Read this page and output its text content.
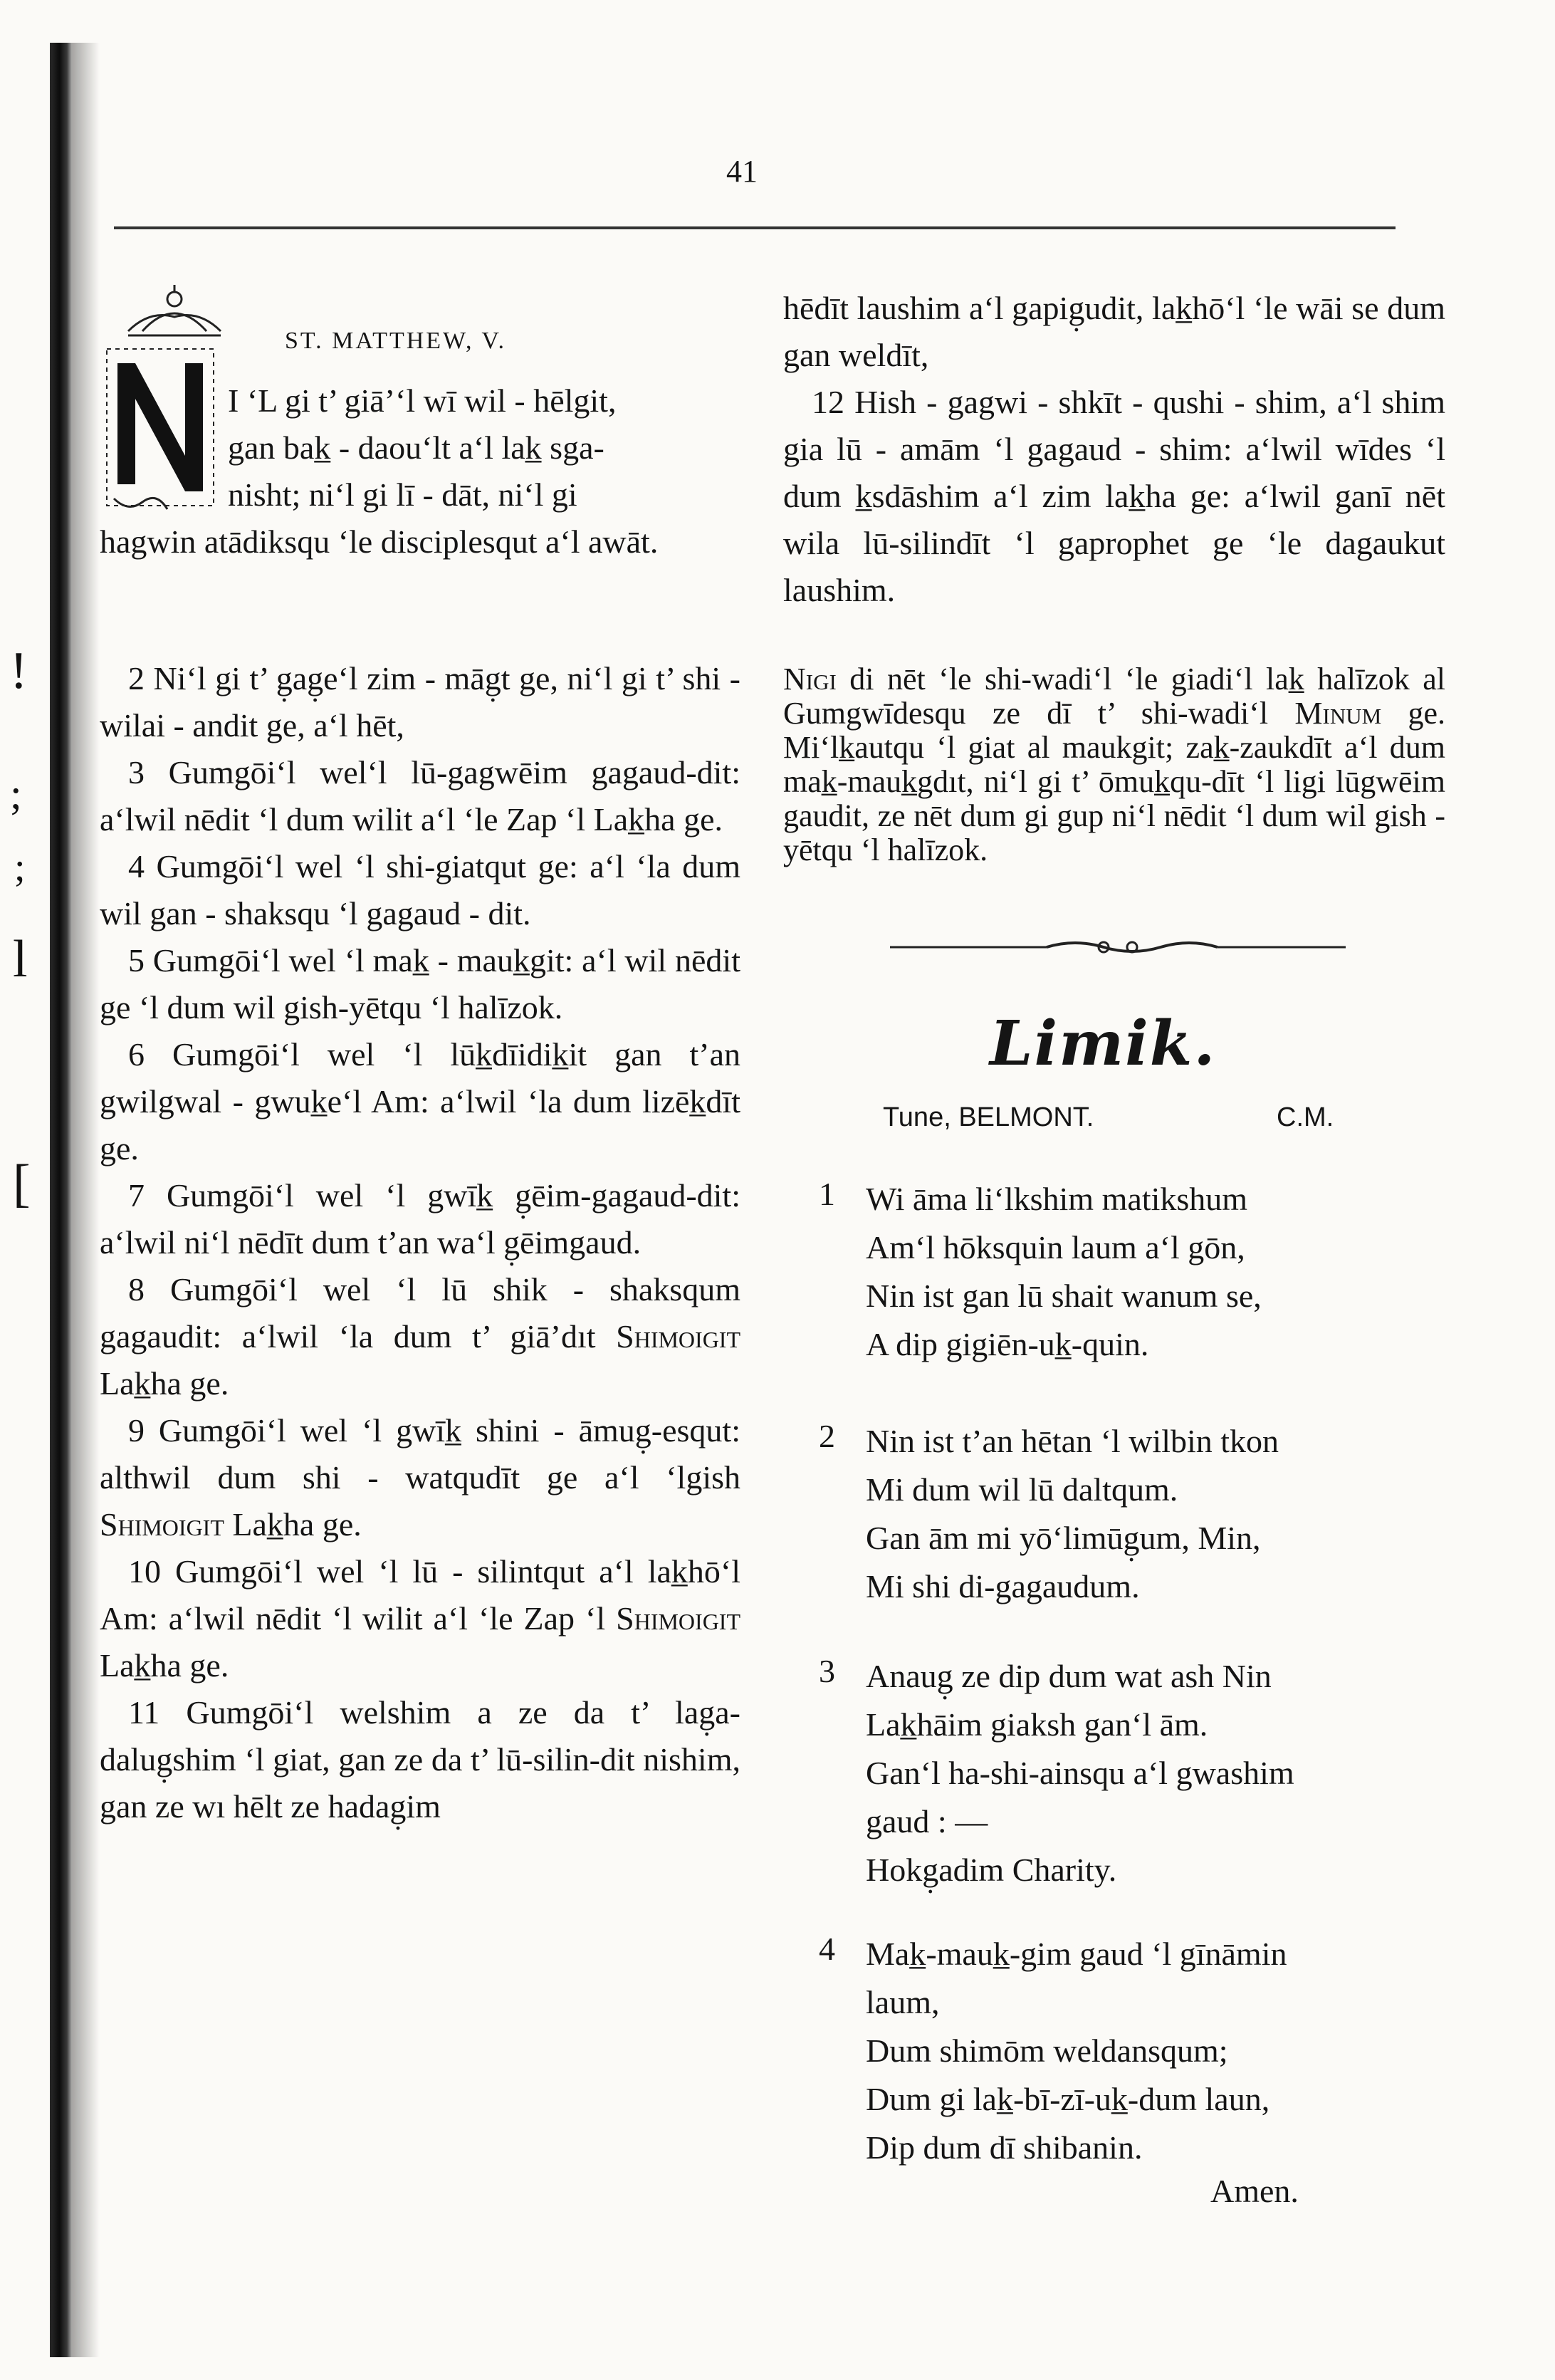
!
;
;
l
[
41
ST. MATTHEW, V.
I ‘L gi t’ giā’‘l wī wil - hēlgit,
gan bak̲ - daou‘lt a‘l lak̲ sga-
nisht; ni‘l gi lī - dāt, ni‘l gi
hagwin atādiksqu ‘le disciplesqut a‘l awāt.

2 Ni‘l gi t’ g̣ag̣e‘l zim - māg̣t ge, ni‘l gi t’ shi - wilai - andit ge, a‘l hēt,

3 Gumgōi‘l wel‘l lū-gagwēim gagaud-dit: a‘lwil nēdit ‘l dum wilit a‘l ‘le Zap ‘l Lak̲ha ge.

4 Gumgōi‘l wel ‘l shi-giatqut ge: a‘l ‘la dum wil gan - shaksqu ‘l gagaud - dit.

5 Gumgōi‘l wel ‘l mak̲ - mauk̲git: a‘l wil nēdit ge ‘l dum wil gish-yētqu ‘l halīzok.

6 Gumgōi‘l wel ‘l lūk̲dīidik̲it gan t’an gwilgwal - gwuk̲e‘l Am: a‘lwil ‘la dum lizēk̲dīt ge.

7 Gumgōi‘l wel ‘l gwīk̲ g̣ēim-gagaud-dit: a‘lwil ni‘l nēdīt dum t’an wa‘l g̣ēimgaud.

8 Gumgōi‘l wel ‘l lū shik - shaksqum gagaudit: a‘lwil ‘la dum t’ giā’dıt Shimoigit Lak̲ha ge.

9 Gumgōi‘l wel ‘l gwīk̲ shini - āmug̣-esqut: althwil dum shi - watqudīt ge a‘l ‘lgish Shimoigit Lak̲ha ge.

10 Gumgōi‘l wel ‘l lū - silintqut a‘l lak̲hō‘l Am: a‘lwil nēdit ‘l wilit a‘l ‘le Zap ‘l Shimoigit Lak̲ha ge.

11 Gumgōi‘l welshim a ze da t’ lag̣a-dalug̣shim ‘l giat, gan ze da t’ lū-silin-dit nishim, gan ze wı hēlt ze hadag̣im

hēdīt laushim a‘l gapig̣udit, lak̲hō‘l ‘le wāi se dum gan weldīt,

12 Hish - gagwi - shkīt - qushi - shim, a‘l shim gia lū - amām ‘l gagaud - shim: a‘lwil wīdes ‘l dum k̲sdāshim a‘l zim lak̲ha ge: a‘lwil ganī nēt wila lū-silindīt ‘l gaprophet ge ‘le dagaukut laushim.

Nigi di nēt ‘le shi-wadi‘l ‘le giadi‘l lak̲ halīzok al Gumgwīdesqu ze dī t’ shi-wadi‘l Minum ge. Mi‘lk̲autqu ‘l giat al maukgit; zak̲-zaukdīt a‘l dum mak̲-mauk̲gdıt, ni‘l gi t’ ōmuk̲qu-dīt ‘l ligi lūgwēim gaudit, ze nēt dum gi gup ni‘l nēdit ‘l dum wil gish - yētqu ‘l halīzok.

Limik.
Tune, BELMONT.	C.M.
1 Wi āma li‘lkshim matikshum
Am‘l hōksquin laum a‘l gōn,
Nin ist gan lū shait wanum se,
A dip gigiēn-uk̲-quin.
2 Nin ist t’an hētan ‘l wilbin tkon
Mi dum wil lū daltqum.
Gan ām mi yō‘limūg̣um, Min,
Mi shi di-gagaudum.
3 Anaug̣ ze dip dum wat ash Nin
Lak̲hāim giaksh gan‘l ām.
Gan‘l ha-shi-ainsqu a‘l gwashim
gaud : —
Hokg̣adim Charity.
4 Mak̲-mauk̲-gim gaud ‘l gīnāmin
laum,
Dum shimōm weldansqum;
Dum gi lak̲-bī-zī-uk̲-dum laun,
Dip dum dī shibanin.
Amen.
